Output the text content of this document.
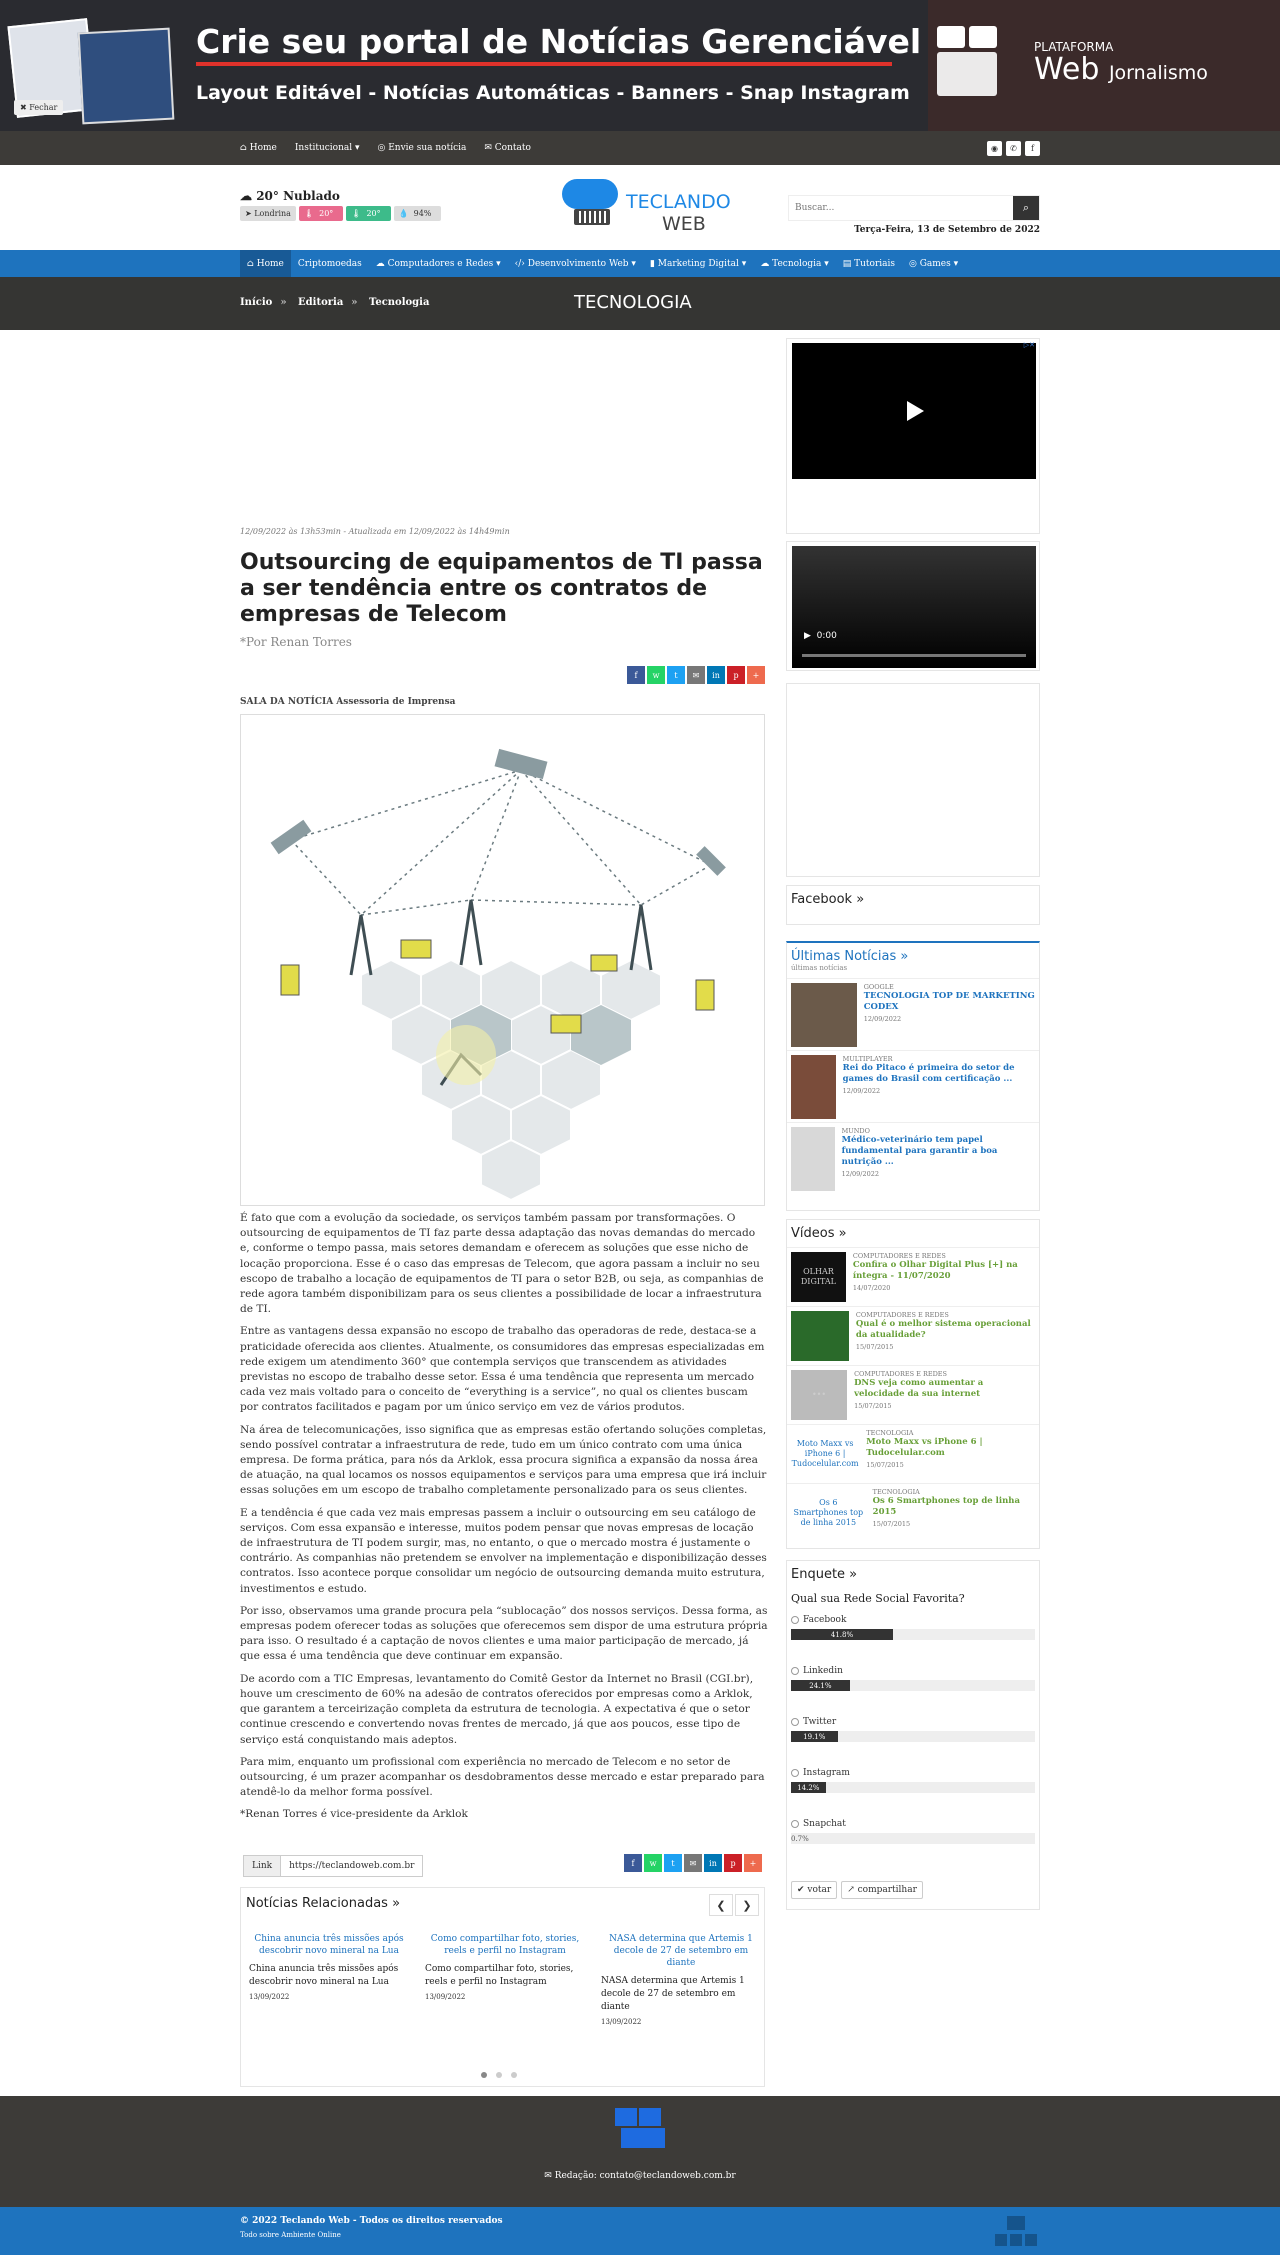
Crie seu portal de Notícias Gerenciável
Layout Editável - Notícias Automáticas - Banners - Snap Instagram
PLATAFORMA
Web Jornalismo
✖ Fechar
⌂ Home Institucional ▾ ◎ Envie sua notícia ✉ Contato	◉	✆	f
☁ 20° Nublado
➤ Londrina	🌡 20°	🌡 20°	💧 94%
TECLANDO
WEB
Buscar...
⌕
Terça-Feira, 13 de Setembro de 2022
⌂ Home	Criptomoedas	☁ Computadores e Redes ▾	‹/› Desenvolvimento Web ▾	▮ Marketing Digital ▾	☁ Tecnologia ▾	▤ Tutoriais	◎ Games ▾
Início » Editoria » Tecnologia	TECNOLOGIA
12/09/2022 às 13h53min - Atualizada em 12/09/2022 às 14h49min
Outsourcing de equipamentos de TI passa a ser tendência entre os contratos de empresas de Telecom
*Por Renan Torres
f	w	t	✉	in	p	+
SALA DA NOTÍCIA Assessoria de Imprensa

É fato que com a evolução da sociedade, os serviços também passam por transformações. O outsourcing de equipamentos de TI faz parte dessa adaptação das novas demandas do mercado e, conforme o tempo passa, mais setores demandam e oferecem as soluções que esse nicho de locação proporciona. Esse é o caso das empresas de Telecom, que agora passam a incluir no seu escopo de trabalho a locação de equipamentos de TI para o setor B2B, ou seja, as companhias de rede agora também disponibilizam para os seus clientes a possibilidade de locar a infraestrutura de TI.

Entre as vantagens dessa expansão no escopo de trabalho das operadoras de rede, destaca-se a praticidade oferecida aos clientes. Atualmente, os consumidores das empresas especializadas em rede exigem um atendimento 360° que contempla serviços que transcendem as atividades previstas no escopo de trabalho desse setor. Essa é uma tendência que representa um mercado cada vez mais voltado para o conceito de “everything is a service”, no qual os clientes buscam por contratos facilitados e pagam por um único serviço em vez de vários produtos.

Na área de telecomunicações, isso significa que as empresas estão ofertando soluções completas, sendo possível contratar a infraestrutura de rede, tudo em um único contrato com uma única empresa. De forma prática, para nós da Arklok, essa procura significa a expansão da nossa área de atuação, na qual locamos os nossos equipamentos e serviços para uma empresa que irá incluir essas soluções em um escopo de trabalho completamente personalizado para os seus clientes.

E a tendência é que cada vez mais empresas passem a incluir o outsourcing em seu catálogo de serviços. Com essa expansão e interesse, muitos podem pensar que novas empresas de locação de infraestrutura de TI podem surgir, mas, no entanto, o que o mercado mostra é justamente o contrário. As companhias não pretendem se envolver na implementação e disponibilização desses contratos. Isso acontece porque consolidar um negócio de outsourcing demanda muito estrutura, investimentos e estudo.

Por isso, observamos uma grande procura pela “sublocação” dos nossos serviços. Dessa forma, as empresas podem oferecer todas as soluções que oferecemos sem dispor de uma estrutura própria para isso. O resultado é a captação de novos clientes e uma maior participação de mercado, já que essa é uma tendência que deve continuar em expansão.

De acordo com a TIC Empresas, levantamento do Comitê Gestor da Internet no Brasil (CGI.br), houve um crescimento de 60% na adesão de contratos oferecidos por empresas como a Arklok, que garantem a terceirização completa da estrutura de tecnologia. A expectativa é que o setor continue crescendo e convertendo novas frentes de mercado, já que aos poucos, esse tipo de serviço está conquistando mais adeptos.

Para mim, enquanto um profissional com experiência no mercado de Telecom e no setor de outsourcing, é um prazer acompanhar os desdobramentos desse mercado e estar preparado para atendê-lo da melhor forma possível.

*Renan Torres é vice-presidente da Arklok

Link	https://teclandoweb.com.br	f	w	t	✉	in	p	+
Notícias Relacionadas »	❮	❯
China anuncia três missões após descobrir novo mineral na Lua
China anuncia três missões após descobrir novo mineral na Lua
13/09/2022
Como compartilhar foto, stories, reels e perfil no Instagram
Como compartilhar foto, stories, reels e perfil no Instagram
13/09/2022
NASA determina que Artemis 1 decole de 27 de setembro em diante
NASA determina que Artemis 1 decole de 27 de setembro em diante
13/09/2022
▷✕
▶  0:00
Facebook »
Últimas Notícias »
últimas notícias
GOOGLE
TECNOLOGIA TOP DE MARKETING CODEX
12/09/2022
MULTIPLAYER
Rei do Pitaco é primeira do setor de games do Brasil com certificação ...
12/09/2022
MUNDO
Médico-veterinário tem papel fundamental para garantir a boa nutrição ...
12/09/2022
Vídeos »
OLHAR DIGITAL
COMPUTADORES E REDES
Confira o Olhar Digital Plus [+] na íntegra - 11/07/2020
14/07/2020
COMPUTADORES E REDES
Qual é o melhor sistema operacional da atualidade?
15/07/2015
•••
COMPUTADORES E REDES
DNS veja como aumentar a velocidade da sua internet
15/07/2015
Moto Maxx vs iPhone 6 | Tudocelular.com
TECNOLOGIA
Moto Maxx vs iPhone 6 | Tudocelular.com
15/07/2015
Os 6 Smartphones top de linha 2015
TECNOLOGIA
Os 6 Smartphones top de linha 2015
15/07/2015
Enquete »
Qual sua Rede Social Favorita?
Facebook
41.8%
Linkedin
24.1%
Twitter
19.1%
Instagram
14.2%
Snapchat
0.7%
✔ votar	↗ compartilhar
✉ Redação: contato@teclandoweb.com.br
© 2022 Teclando Web - Todos os direitos reservados
Todo sobre Ambiente Online
